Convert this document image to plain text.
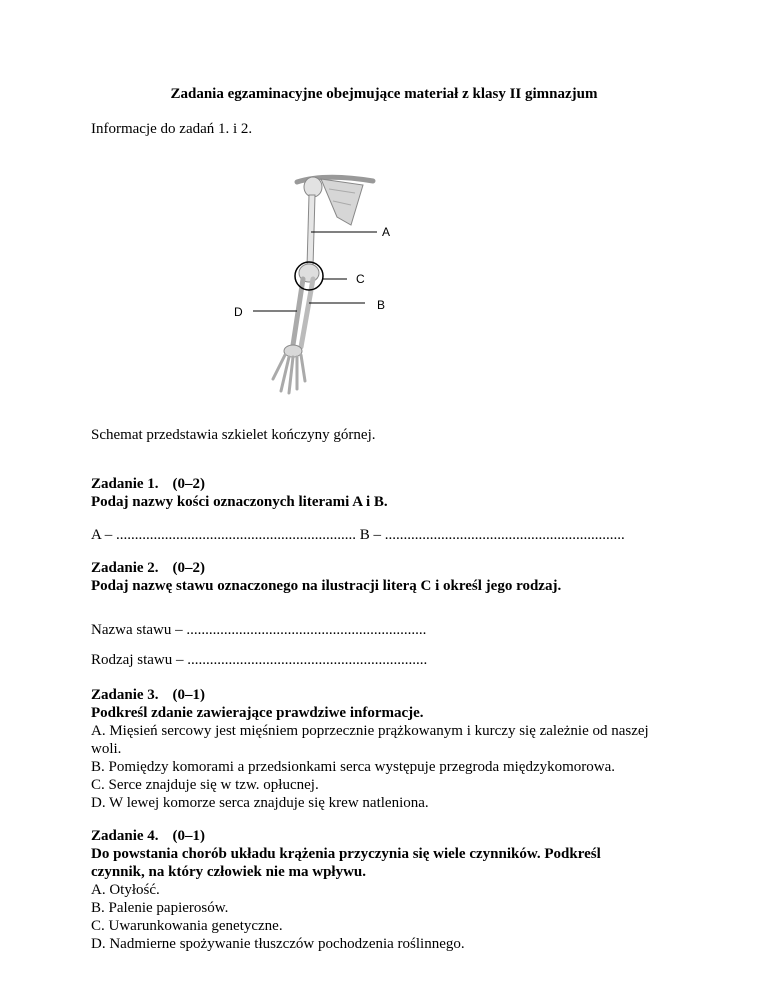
Zadania egzaminacyjne obejmujące materiał z klasy II gimnazjum
Informacje do zadań 1. i 2.
A
C
B
D
Schemat przedstawia szkielet kończyny górnej.
Zadanie 1. (0–2)
Podaj nazwy kości oznaczonych literami A i B.
A – ................................................................ B – ................................................................
Zadanie 2. (0–2)
Podaj nazwę stawu oznaczonego na ilustracji literą C i określ jego rodzaj.
Nazwa stawu – ................................................................
Rodzaj stawu – ................................................................
Zadanie 3. (0–1)
Podkreśl zdanie zawierające prawdziwe informacje.
A. Mięsień sercowy jest mięśniem poprzecznie prążkowanym i kurczy się zależnie od naszej
woli.
B. Pomiędzy komorami a przedsionkami serca występuje przegroda międzykomorowa.
C. Serce znajduje się w tzw. opłucnej.
D. W lewej komorze serca znajduje się krew natleniona.
Zadanie 4. (0–1)
Do powstania chorób układu krążenia przyczynia się wiele czynników. Podkreśl
czynnik, na który człowiek nie ma wpływu.
A. Otyłość.
B. Palenie papierosów.
C. Uwarunkowania genetyczne.
D. Nadmierne spożywanie tłuszczów pochodzenia roślinnego.
